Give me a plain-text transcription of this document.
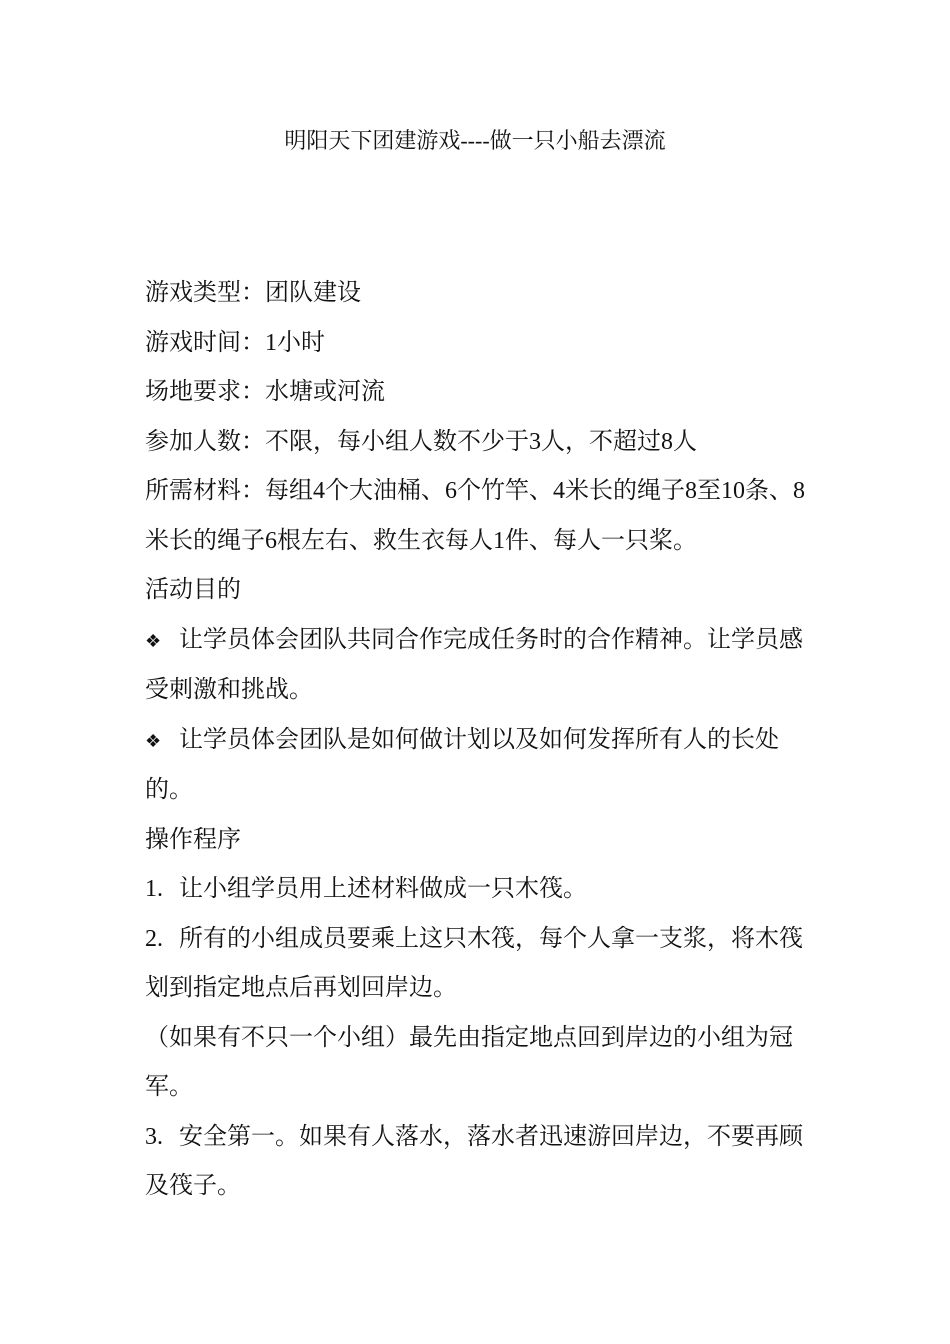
明阳天下团建游戏----做一只小船去漂流

游戏类型：团队建设

游戏时间：1小时

场地要求：水塘或河流

参加人数：不限，每小组人数不少于3人，不超过8人

所需材料：每组4个大油桶、6个竹竿、4米长的绳子8至10条、8米长的绳子6根左右、救生衣每人1件、每人一只桨。

活动目的

❖ 让学员体会团队共同合作完成任务时的合作精神。让学员感受刺激和挑战。

❖ 让学员体会团队是如何做计划以及如何发挥所有人的长处的。

操作程序

1. 让小组学员用上述材料做成一只木筏。

2. 所有的小组成员要乘上这只木筏，每个人拿一支浆，将木筏划到指定地点后再划回岸边。

（如果有不只一个小组）最先由指定地点回到岸边的小组为冠军。

3. 安全第一。如果有人落水，落水者迅速游回岸边，不要再顾及筏子。
